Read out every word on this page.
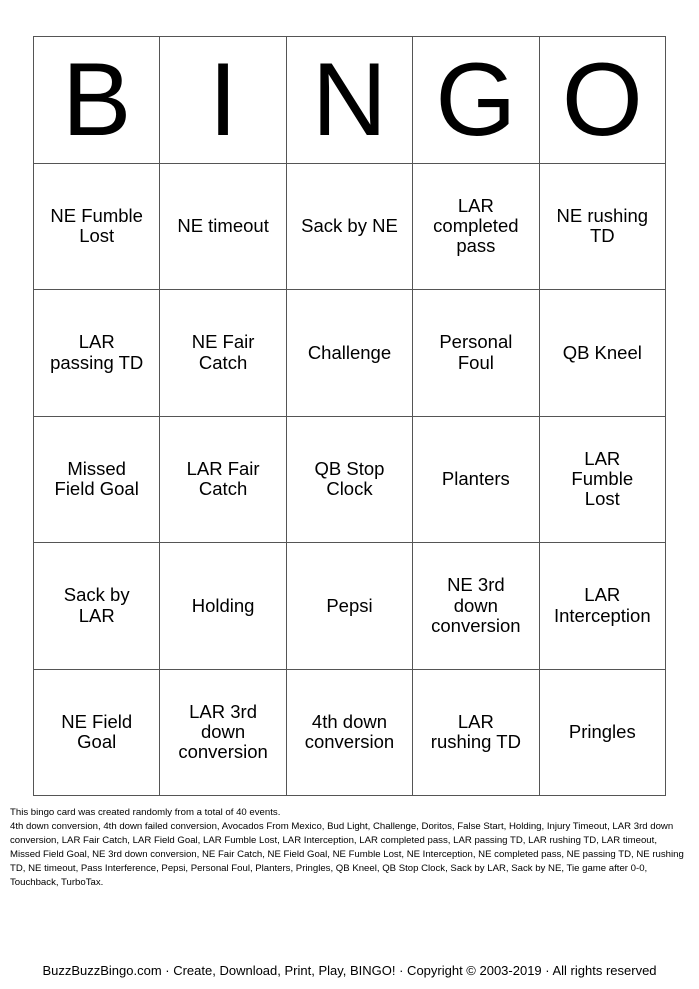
B	I	N	G	O
NE Fumble Lost	NE timeout	Sack by NE	LAR completed pass	NE rushing TD
LAR passing TD	NE Fair Catch	Challenge	Personal Foul	QB Kneel
Missed Field Goal	LAR Fair Catch	QB Stop Clock	Planters	LAR Fumble Lost
Sack by LAR	Holding	Pepsi	NE 3rd down conversion	LAR Interception
NE Field Goal	LAR 3rd down conversion	4th down conversion	LAR rushing TD	Pringles
This bingo card was created randomly from a total of 40 events.
4th down conversion, 4th down failed conversion, Avocados From Mexico, Bud Light, Challenge, Doritos, False Start, Holding, Injury Timeout, LAR 3rd down conversion, LAR Fair Catch, LAR Field Goal, LAR Fumble Lost, LAR Interception, LAR completed pass, LAR passing TD, LAR rushing TD, LAR timeout, Missed Field Goal, NE 3rd down conversion, NE Fair Catch, NE Field Goal, NE Fumble Lost, NE Interception, NE completed pass, NE passing TD, NE rushing TD, NE timeout, Pass Interference, Pepsi, Personal Foul, Planters, Pringles, QB Kneel, QB Stop Clock, Sack by LAR, Sack by NE, Tie game after 0-0, Touchback, TurboTax.
BuzzBuzzBingo.com · Create, Download, Print, Play, BINGO! · Copyright © 2003-2019 · All rights reserved
